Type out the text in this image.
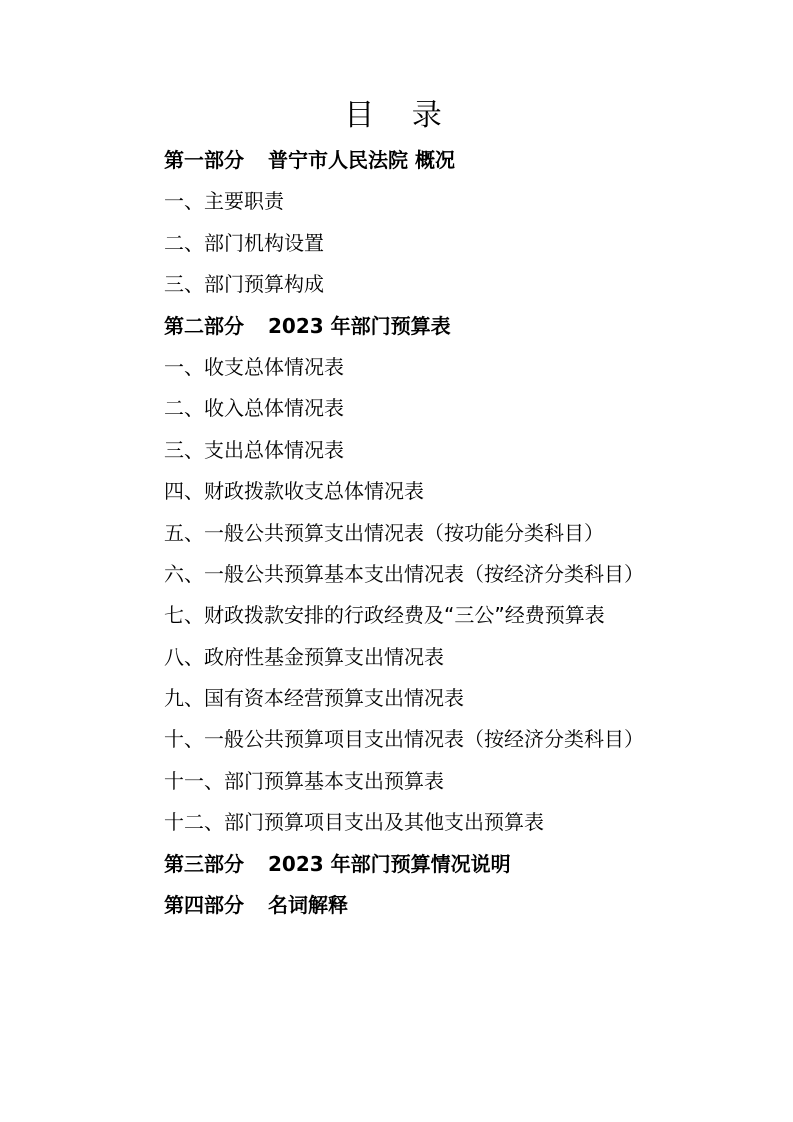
目 录
第一部分 普宁市人民法院 概况
一、主要职责
二、部门机构设置
三、部门预算构成
第二部分 2023 年部门预算表
一、收支总体情况表
二、收入总体情况表
三、支出总体情况表
四、财政拨款收支总体情况表
五、一般公共预算支出情况表（按功能分类科目）
六、一般公共预算基本支出情况表（按经济分类科目）
七、财政拨款安排的行政经费及“三公”经费预算表
八、政府性基金预算支出情况表
九、国有资本经营预算支出情况表
十、一般公共预算项目支出情况表（按经济分类科目）
十一、部门预算基本支出预算表
十二、部门预算项目支出及其他支出预算表
第三部分 2023 年部门预算情况说明
第四部分 名词解释
